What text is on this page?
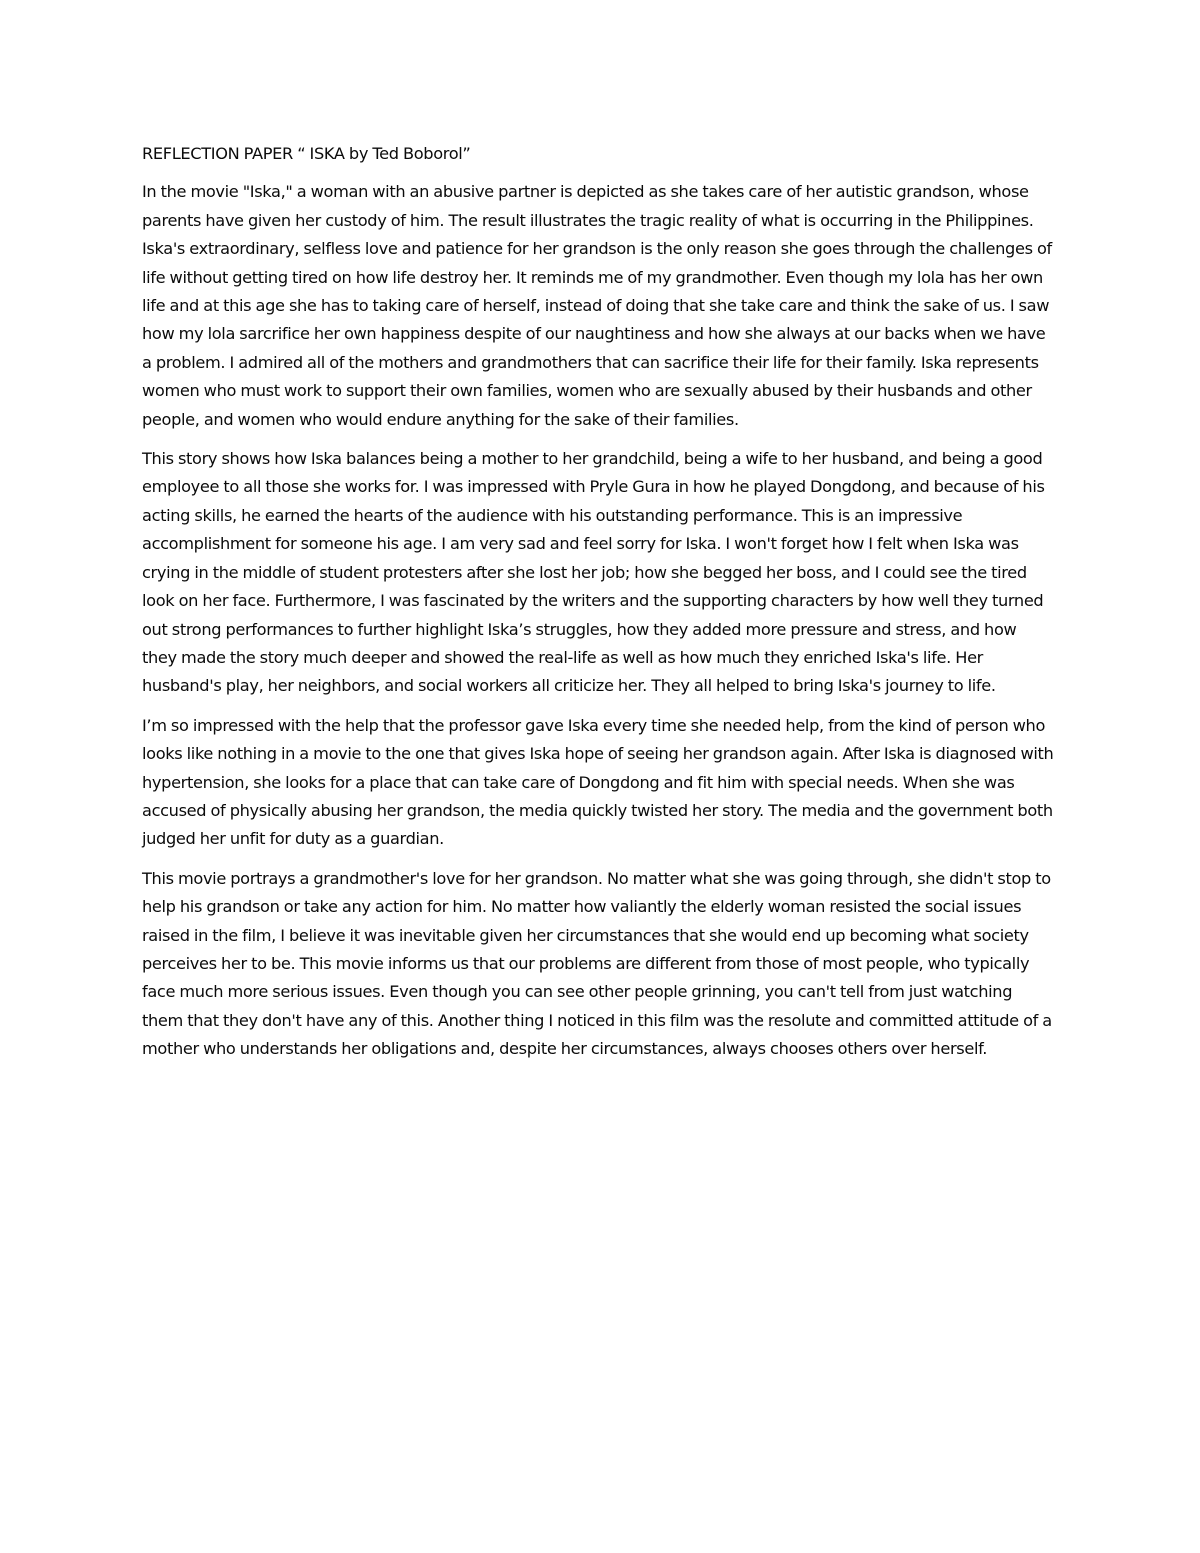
REFLECTION PAPER “ ISKA by Ted Boborol”

In the movie "Iska," a woman with an abusive partner is depicted as she takes care of her autistic grandson, whose parents have given her custody of him. The result illustrates the tragic reality of what is occurring in the Philippines. Iska's extraordinary, selfless love and patience for her grandson is the only reason she goes through the challenges of life without getting tired on how life destroy her. It reminds me of my grandmother. Even though my lola has her own life and at this age she has to taking care of herself, instead of doing that she take care and think the sake of us. I saw how my lola sarcrifice her own happiness despite of our naughtiness and how she always at our backs when we have a problem. I admired all of the mothers and grandmothers that can sacrifice their life for their family. Iska represents women who must work to support their own families, women who are sexually abused by their husbands and other people, and women who would endure anything for the sake of their families.

This story shows how Iska balances being a mother to her grandchild, being a wife to her husband, and being a good employee to all those she works for. I was impressed with Pryle Gura in how he played Dongdong, and because of his acting skills, he earned the hearts of the audience with his outstanding performance. This is an impressive accomplishment for someone his age. I am very sad and feel sorry for Iska. I won't forget how I felt when Iska was crying in the middle of student protesters after she lost her job; how she begged her boss, and I could see the tired look on her face. Furthermore, I was fascinated by the writers and the supporting characters by how well they turned out strong performances to further highlight Iska’s struggles, how they added more pressure and stress, and how they made the story much deeper and showed the real-life as well as how much they enriched Iska's life. Her husband's play, her neighbors, and social workers all criticize her. They all helped to bring Iska's journey to life.

I’m so impressed with the help that the professor gave Iska every time she needed help, from the kind of person who looks like nothing in a movie to the one that gives Iska hope of seeing her grandson again. After Iska is diagnosed with hypertension, she looks for a place that can take care of Dongdong and fit him with special needs. When she was accused of physically abusing her grandson, the media quickly twisted her story. The media and the government both judged her unfit for duty as a guardian.

This movie portrays a grandmother's love for her grandson. No matter what she was going through, she didn't stop to help his grandson or take any action for him. No matter how valiantly the elderly woman resisted the social issues raised in the film, I believe it was inevitable given her circumstances that she would end up becoming what society perceives her to be. This movie informs us that our problems are different from those of most people, who typically face much more serious issues. Even though you can see other people grinning, you can't tell from just watching them that they don't have any of this. Another thing I noticed in this film was the resolute and committed attitude of a mother who understands her obligations and, despite her circumstances, always chooses others over herself.
